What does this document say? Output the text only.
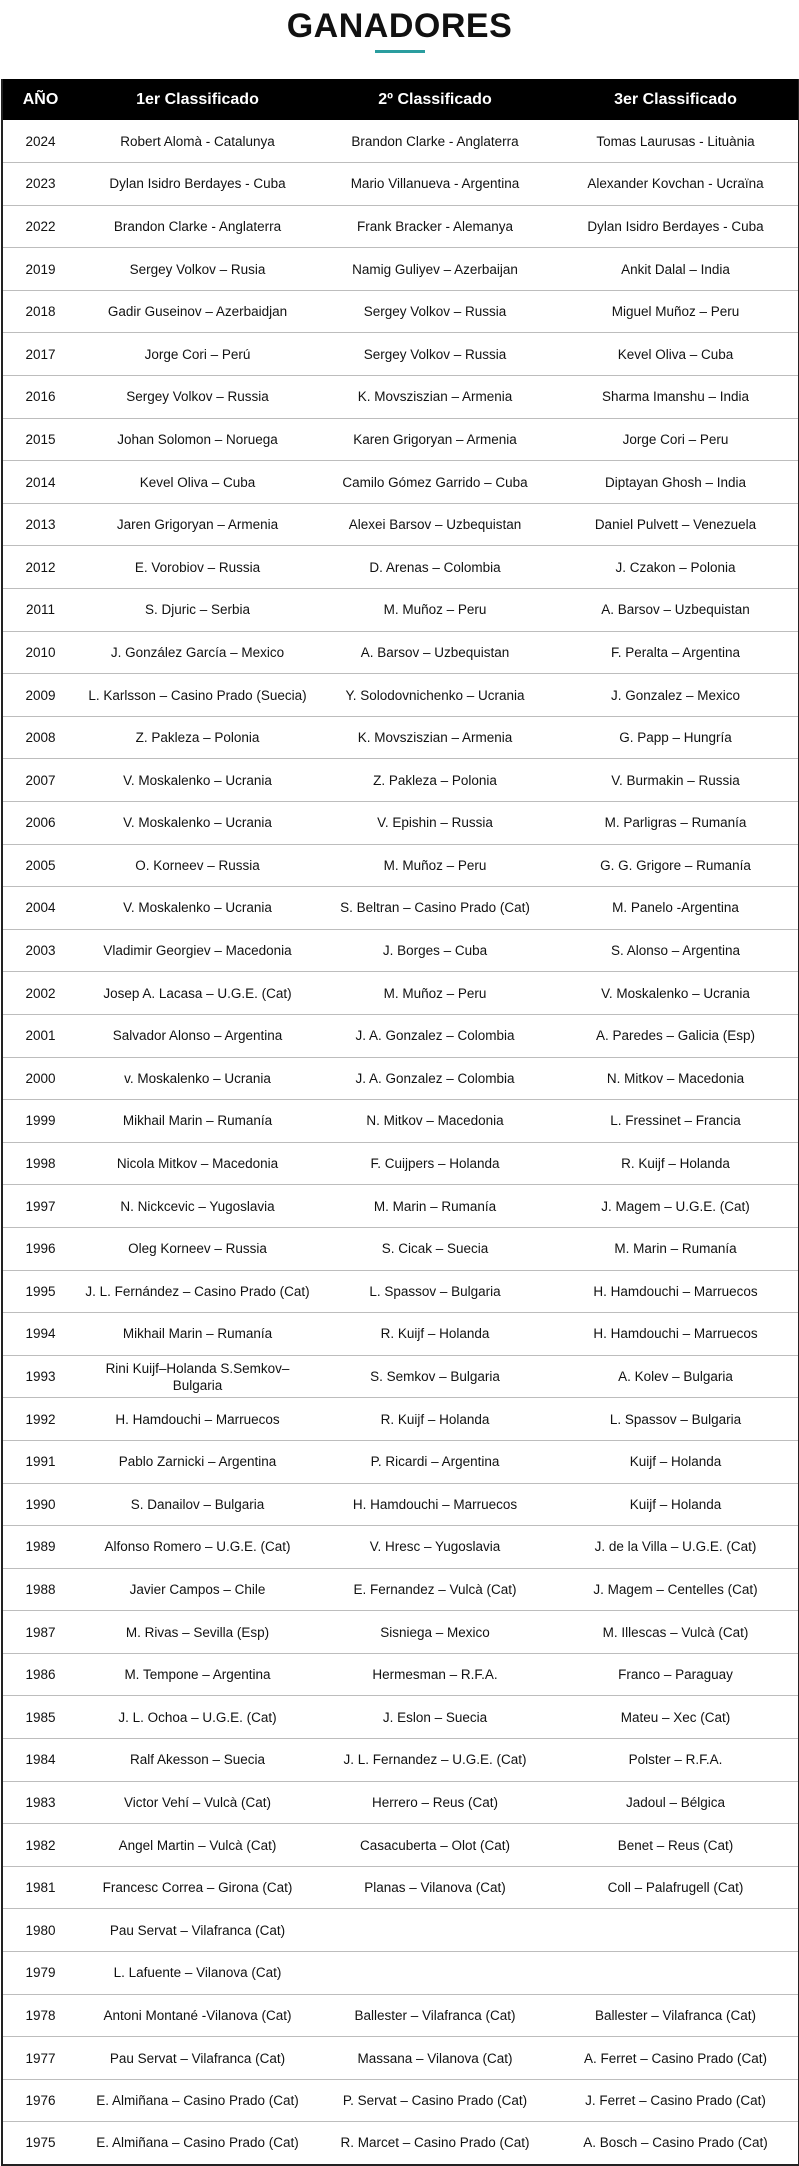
GANADORES
AÑO	1er Classificado	2º Classificado	3er Classificado
2024	Robert Alomà - Catalunya	Brandon Clarke - Anglaterra	Tomas Laurusas - Lituània
2023	Dylan Isidro Berdayes - Cuba	Mario Villanueva - Argentina	Alexander Kovchan - Ucraïna
2022	Brandon Clarke - Anglaterra	Frank Bracker - Alemanya	Dylan Isidro Berdayes - Cuba
2019	Sergey Volkov – Rusia	Namig Guliyev – Azerbaijan	Ankit Dalal – India
2018	Gadir Guseinov – Azerbaidjan	Sergey Volkov – Russia	Miguel Muñoz – Peru
2017	Jorge Cori – Perú	Sergey Volkov – Russia	Kevel Oliva – Cuba
2016	Sergey Volkov – Russia	K. Movsziszian – Armenia	Sharma Imanshu – India
2015	Johan Solomon – Noruega	Karen Grigoryan – Armenia	Jorge Cori – Peru
2014	Kevel Oliva – Cuba	Camilo Gómez Garrido – Cuba	Diptayan Ghosh – India
2013	Jaren Grigoryan – Armenia	Alexei Barsov – Uzbequistan	Daniel Pulvett – Venezuela
2012	E. Vorobiov – Russia	D. Arenas – Colombia	J. Czakon – Polonia
2011	S. Djuric – Serbia	M. Muñoz – Peru	A. Barsov – Uzbequistan
2010	J. González García – Mexico	A. Barsov – Uzbequistan	F. Peralta – Argentina
2009	L. Karlsson – Casino Prado (Suecia)	Y. Solodovnichenko – Ucrania	J. Gonzalez – Mexico
2008	Z. Pakleza – Polonia	K. Movsziszian – Armenia	G. Papp – Hungría
2007	V. Moskalenko – Ucrania	Z. Pakleza – Polonia	V. Burmakin – Russia
2006	V. Moskalenko – Ucrania	V. Epishin – Russia	M. Parligras – Rumanía
2005	O. Korneev – Russia	M. Muñoz – Peru	G. G. Grigore – Rumanía
2004	V. Moskalenko – Ucrania	S. Beltran – Casino Prado (Cat)	M. Panelo -Argentina
2003	Vladimir Georgiev – Macedonia	J. Borges – Cuba	S. Alonso – Argentina
2002	Josep A. Lacasa – U.G.E. (Cat)	M. Muñoz – Peru	V. Moskalenko – Ucrania
2001	Salvador Alonso – Argentina	J. A. Gonzalez – Colombia	A. Paredes – Galicia (Esp)
2000	v. Moskalenko – Ucrania	J. A. Gonzalez – Colombia	N. Mitkov – Macedonia
1999	Mikhail Marin – Rumanía	N. Mitkov – Macedonia	L. Fressinet – Francia
1998	Nicola Mitkov – Macedonia	F. Cuijpers – Holanda	R. Kuijf – Holanda
1997	N. Nickcevic – Yugoslavia	M. Marin – Rumanía	J. Magem – U.G.E. (Cat)
1996	Oleg Korneev – Russia	S. Cicak – Suecia	M. Marin – Rumanía
1995	J. L. Fernández – Casino Prado (Cat)	L. Spassov – Bulgaria	H. Hamdouchi – Marruecos
1994	Mikhail Marin – Rumanía	R. Kuijf – Holanda	H. Hamdouchi – Marruecos
1993	Rini Kuijf–Holanda S.Semkov–Bulgaria	S. Semkov – Bulgaria	A. Kolev – Bulgaria
1992	H. Hamdouchi – Marruecos	R. Kuijf – Holanda	L. Spassov – Bulgaria
1991	Pablo Zarnicki – Argentina	P. Ricardi – Argentina	Kuijf – Holanda
1990	S. Danailov – Bulgaria	H. Hamdouchi – Marruecos	Kuijf – Holanda
1989	Alfonso Romero – U.G.E. (Cat)	V. Hresc – Yugoslavia	J. de la Villa – U.G.E. (Cat)
1988	Javier Campos – Chile	E. Fernandez – Vulcà (Cat)	J. Magem – Centelles (Cat)
1987	M. Rivas – Sevilla (Esp)	Sisniega – Mexico	M. Illescas – Vulcà (Cat)
1986	M. Tempone – Argentina	Hermesman – R.F.A.	Franco – Paraguay
1985	J. L. Ochoa – U.G.E. (Cat)	J. Eslon – Suecia	Mateu – Xec (Cat)
1984	Ralf Akesson – Suecia	J. L. Fernandez – U.G.E. (Cat)	Polster – R.F.A.
1983	Victor Vehí – Vulcà (Cat)	Herrero – Reus (Cat)	Jadoul – Bélgica
1982	Angel Martin – Vulcà (Cat)	Casacuberta – Olot (Cat)	Benet – Reus (Cat)
1981	Francesc Correa – Girona (Cat)	Planas – Vilanova (Cat)	Coll – Palafrugell (Cat)
1980	Pau Servat – Vilafranca (Cat)		
1979	L. Lafuente – Vilanova (Cat)		
1978	Antoni Montané -Vilanova (Cat)	Ballester – Vilafranca (Cat)	Ballester – Vilafranca (Cat)
1977	Pau Servat – Vilafranca (Cat)	Massana – Vilanova (Cat)	A. Ferret – Casino Prado (Cat)
1976	E. Almiñana – Casino Prado (Cat)	P. Servat – Casino Prado (Cat)	J. Ferret – Casino Prado (Cat)
1975	E. Almiñana – Casino Prado (Cat)	R. Marcet – Casino Prado (Cat)	A. Bosch – Casino Prado (Cat)
